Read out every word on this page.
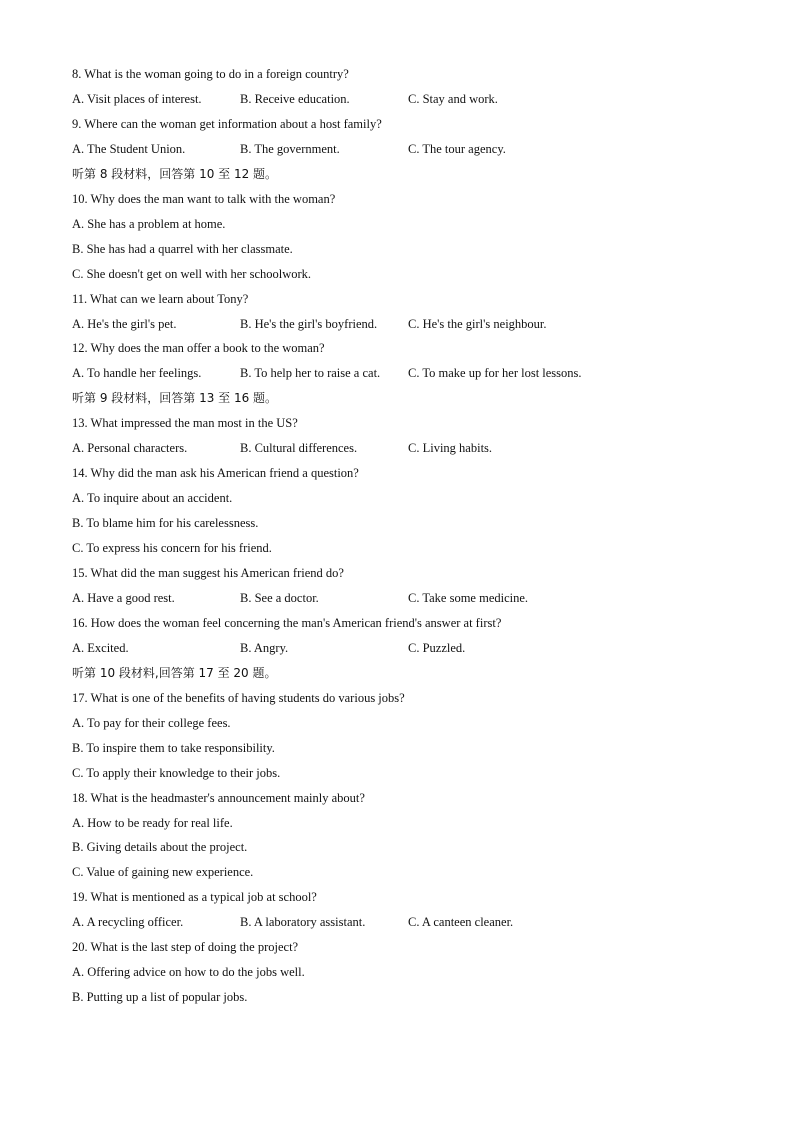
8. What is the woman going to do in a foreign country?
A. Visit places of interest.	B. Receive education.	C. Stay and work.
9. Where can the woman get information about a host family?
A. The Student Union.	B. The government.	C. The tour agency.
听第 8 段材料，回答第 10 至 12 题。
10. Why does the man want to talk with the woman?
A. She has a problem at home.
B. She has had a quarrel with her classmate.
C. She doesn't get on well with her schoolwork.
11. What can we learn about Tony?
A. He's the girl's pet.	B. He's the girl's boyfriend. C. He's the girl's neighbour.
12. Why does the man offer a book to the woman?
A. To handle her feelings.	B. To help her to raise a cat. C. To make up for her lost lessons.
听第 9 段材料，回答第 13 至 16 题。
13. What impressed the man most in the US?
A. Personal characters.	B. Cultural differences.	C. Living habits.
14. Why did the man ask his American friend a question?
A. To inquire about an accident.
B. To blame him for his carelessness.
C. To express his concern for his friend.
15. What did the man suggest his American friend do?
A. Have a good rest.	B. See a doctor.	C. Take some medicine.
16. How does the woman feel concerning the man's American friend's answer at first?
A. Excited.	B. Angry.	C. Puzzled.
听第 10 段材料,回答第 17 至 20 题。
17. What is one of the benefits of having students do various jobs?
A. To pay for their college fees.
B. To inspire them to take responsibility.
C. To apply their knowledge to their jobs.
18. What is the headmaster's announcement mainly about?
A. How to be ready for real life.
B. Giving details about the project.
C. Value of gaining new experience.
19. What is mentioned as a typical job at school?
A. A recycling officer.	B. A laboratory assistant.	C. A canteen cleaner.
20. What is the last step of doing the project?
A. Offering advice on how to do the jobs well.
B. Putting up a list of popular jobs.
